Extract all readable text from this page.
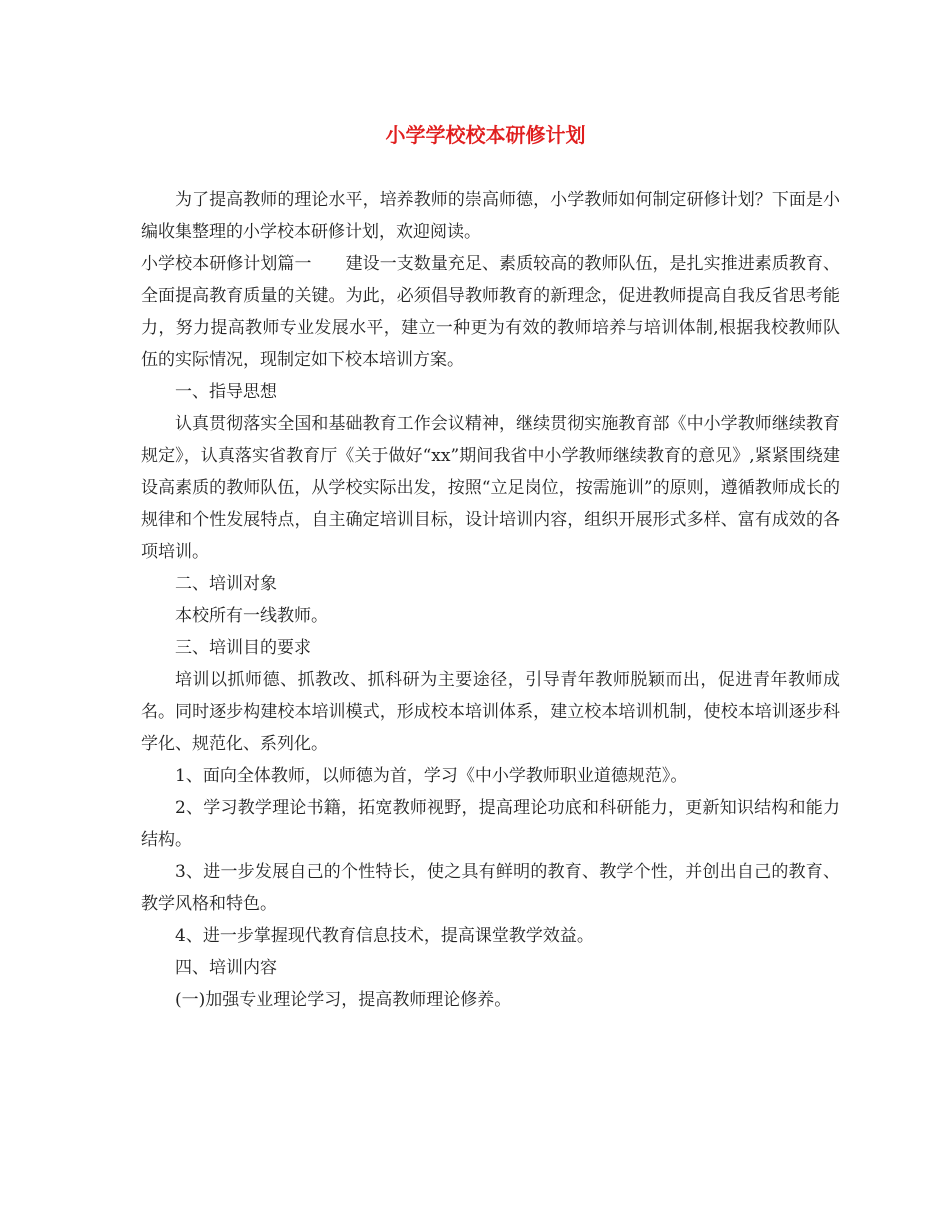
小学学校校本研修计划

为了提高教师的理论水平，培养教师的崇高师德，小学教师如何制定研修计划？下面是小编收集整理的小学校本研修计划，欢迎阅读。

小学校本研修计划篇一　　建设一支数量充足、素质较高的教师队伍，是扎实推进素质教育、全面提高教育质量的关键。为此，必须倡导教师教育的新理念，促进教师提高自我反省思考能力，努力提高教师专业发展水平，建立一种更为有效的教师培养与培训体制,根据我校教师队伍的实际情况，现制定如下校本培训方案。

一、指导思想

认真贯彻落实全国和基础教育工作会议精神，继续贯彻实施教育部《中小学教师继续教育规定》，认真落实省教育厅《关于做好“xx”期间我省中小学教师继续教育的意见》,紧紧围绕建设高素质的教师队伍，从学校实际出发，按照“立足岗位，按需施训”的原则，遵循教师成长的规律和个性发展特点，自主确定培训目标，设计培训内容，组织开展形式多样、富有成效的各项培训。

二、培训对象

本校所有一线教师。

三、培训目的要求

培训以抓师德、抓教改、抓科研为主要途径，引导青年教师脱颖而出，促进青年教师成名。同时逐步构建校本培训模式，形成校本培训体系，建立校本培训机制，使校本培训逐步科学化、规范化、系列化。

1、面向全体教师，以师德为首，学习《中小学教师职业道德规范》。

2、学习教学理论书籍，拓宽教师视野，提高理论功底和科研能力，更新知识结构和能力结构。

3、进一步发展自己的个性特长，使之具有鲜明的教育、教学个性，并创出自己的教育、教学风格和特色。

4、进一步掌握现代教育信息技术，提高课堂教学效益。

四、培训内容

(一)加强专业理论学习，提高教师理论修养。
